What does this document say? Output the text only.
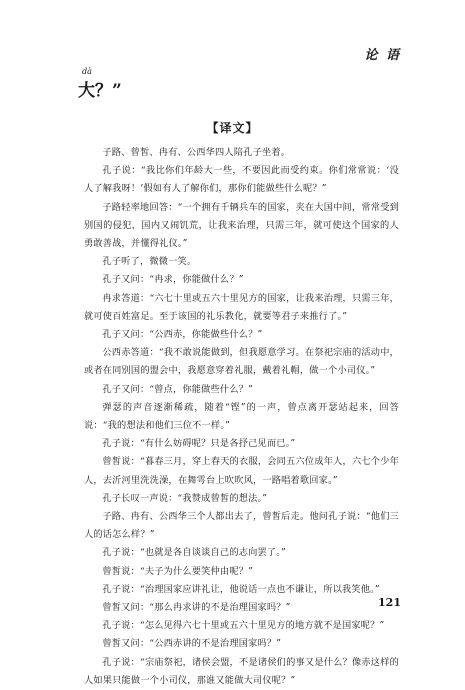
论 语
dà
大？”
【译文】

子路、曾皙、冉有、公西华四人陪孔子坐着。

孔子说：“我比你们年龄大一些，不要因此而受约束。你们常常说：‘没人了解我呀！’假如有人了解你们，那你们能做些什么呢？”

子路轻率地回答：“一个拥有千辆兵车的国家，夹在大国中间，常常受到别国的侵犯，国内又闹饥荒，让我来治理，只需三年，就可使这个国家的人勇敢善战，并懂得礼仪。”

孔子听了，微微一笑。

孔子又问：“冉求，你能做什么？”

冉求答道：“六七十里或五六十里见方的国家，让我来治理，只需三年，就可使百姓富足。至于该国的礼乐教化，就要等君子来推行了。”

孔子又问：“公西赤，你能做些什么？”

公西赤答道：“我不敢说能做到，但我愿意学习。在祭祀宗庙的活动中，或者在同别国的盟会中，我愿意穿着礼服，戴着礼帽，做一个小司仪。”

孔子又问：“曾点，你能做些什么？”

弹瑟的声音逐渐稀疏，随着“铿”的一声，曾点离开瑟站起来，回答说：“我的想法和他们三位不一样。”

孔子说：“有什么妨碍呢？只是各抒己见而已。”

曾皙说：“暮春三月，穿上春天的衣服，会同五六位成年人，六七个少年人，去沂河里洗洗澡，在舞雩台上吹吹风，一路唱着歌回家。”

孔子长叹一声说：“我赞成曾皙的想法。”

子路、冉有、公西华三个人都出去了，曾皙后走。他问孔子说：“他们三人的话怎么样？”

孔子说：“也就是各自谈谈自己的志向罢了。”

曾皙说：“夫子为什么要笑仲由呢？”

孔子说：“治理国家应讲礼让，他说话一点也不谦让，所以我笑他。”

曾皙又问：“那么冉求讲的不是治理国家吗？”

孔子说：“怎么见得六七十里或五六十里见方的地方就不是国家呢？”

曾皙又问：“公西赤讲的不是治理国家吗？”

孔子说：“宗庙祭祀，诸侯会盟，不是诸侯们的事又是什么？像赤这样的人如果只能做一个小司仪，那谁又能做大司仪呢？”

121
